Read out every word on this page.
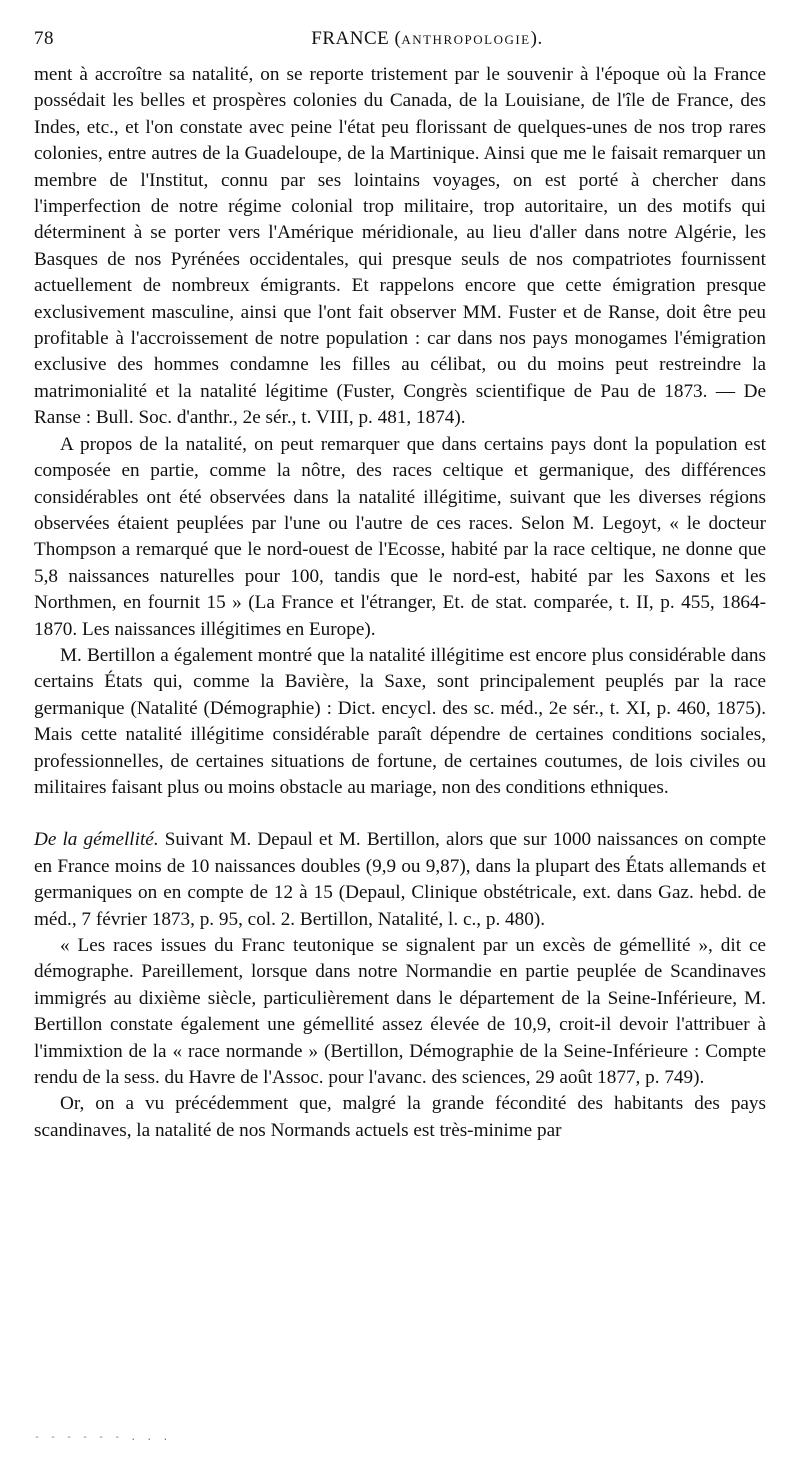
78	FRANCE (ANTHROPOLOGIE).

ment à accroître sa natalité, on se reporte tristement par le souvenir à l'époque où la France possédait les belles et prospères colonies du Canada, de la Louisiane, de l'île de France, des Indes, etc., et l'on constate avec peine l'état peu florissant de quelques-unes de nos trop rares colonies, entre autres de la Guadeloupe, de la Martinique. Ainsi que me le faisait remarquer un membre de l'Institut, connu par ses lointains voyages, on est porté à chercher dans l'imperfection de notre régime colonial trop militaire, trop autoritaire, un des motifs qui déterminent à se porter vers l'Amérique méridionale, au lieu d'aller dans notre Algérie, les Basques de nos Pyrénées occidentales, qui presque seuls de nos compatriotes fournissent actuellement de nombreux émigrants. Et rappelons encore que cette émigration presque exclusivement masculine, ainsi que l'ont fait observer MM. Fuster et de Ranse, doit être peu profitable à l'accroissement de notre population : car dans nos pays monogames l'émigration exclusive des hommes condamne les filles au célibat, ou du moins peut restreindre la matrimonialité et la natalité légitime (Fuster, Congrès scientifique de Pau de 1873. — De Ranse : Bull. Soc. d'anthr., 2e sér., t. VIII, p. 481, 1874).

A propos de la natalité, on peut remarquer que dans certains pays dont la population est composée en partie, comme la nôtre, des races celtique et germanique, des différences considérables ont été observées dans la natalité illégitime, suivant que les diverses régions observées étaient peuplées par l'une ou l'autre de ces races. Selon M. Legoyt, « le docteur Thompson a remarqué que le nord-ouest de l'Ecosse, habité par la race celtique, ne donne que 5,8 naissances naturelles pour 100, tandis que le nord-est, habité par les Saxons et les Northmen, en fournit 15 » (La France et l'étranger, Et. de stat. comparée, t. II, p. 455, 1864-1870. Les naissances illégitimes en Europe).

M. Bertillon a également montré que la natalité illégitime est encore plus considérable dans certains États qui, comme la Bavière, la Saxe, sont principalement peuplés par la race germanique (Natalité (Démographie) : Dict. encycl. des sc. méd., 2e sér., t. XI, p. 460, 1875). Mais cette natalité illégitime considérable paraît dépendre de certaines conditions sociales, professionnelles, de certaines situations de fortune, de certaines coutumes, de lois civiles ou militaires faisant plus ou moins obstacle au mariage, non des conditions ethniques.

De la gémellité. Suivant M. Depaul et M. Bertillon, alors que sur 1000 naissances on compte en France moins de 10 naissances doubles (9,9 ou 9,87), dans la plupart des États allemands et germaniques on en compte de 12 à 15 (Depaul, Clinique obstétricale, ext. dans Gaz. hebd. de méd., 7 février 1873, p. 95, col. 2. Bertillon, Natalité, l. c., p. 480).

« Les races issues du Franc teutonique se signalent par un excès de gémellité », dit ce démographe. Pareillement, lorsque dans notre Normandie en partie peuplée de Scandinaves immigrés au dixième siècle, particulièrement dans le département de la Seine-Inférieure, M. Bertillon constate également une gémellité assez élevée de 10,9, croit-il devoir l'attribuer à l'immixtion de la « race normande » (Bertillon, Démographie de la Seine-Inférieure : Compte rendu de la sess. du Havre de l'Assoc. pour l'avanc. des sciences, 29 août 1877, p. 749).

Or, on a vu précédemment que, malgré la grande fécondité des habitants des pays scandinaves, la natalité de nos Normands actuels est très-minime par

- - - - - - . . .
